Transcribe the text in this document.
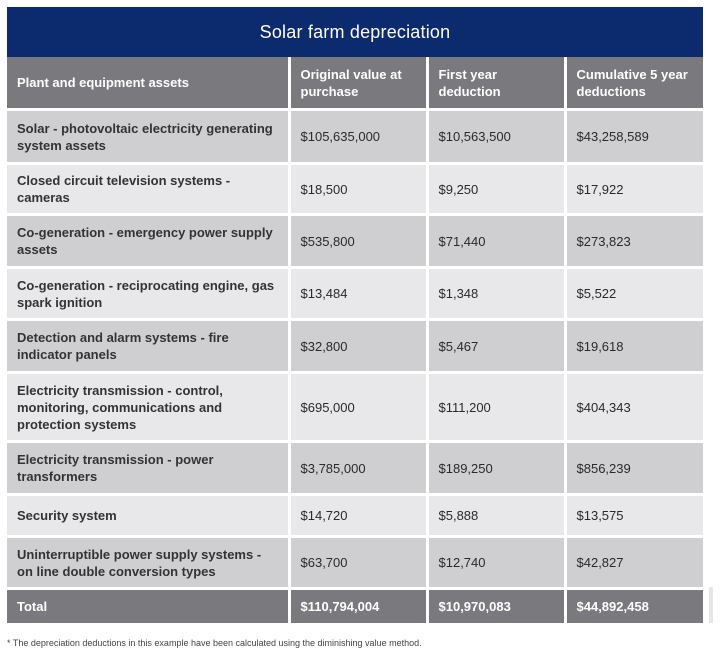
Solar farm depreciation
Plant and equipment assets	Original value at purchase	First year deduction	Cumulative 5 year deductions
Solar - photovoltaic electricity generating system assets	$105,635,000	$10,563,500	$43,258,589
Closed circuit television systems - cameras	$18,500	$9,250	$17,922
Co-generation - emergency power supply assets	$535,800	$71,440	$273,823
Co-generation - reciprocating engine, gas spark ignition	$13,484	$1,348	$5,522
Detection and alarm systems - fire indicator panels	$32,800	$5,467	$19,618
Electricity transmission - control, monitoring, communications and protection systems	$695,000	$111,200	$404,343
Electricity transmission - power transformers	$3,785,000	$189,250	$856,239
Security system	$14,720	$5,888	$13,575
Uninterruptible power supply systems - on line double conversion types	$63,700	$12,740	$42,827
Total	$110,794,004	$10,970,083	$44,892,458
* The depreciation deductions in this example have been calculated using the diminishing value method.
